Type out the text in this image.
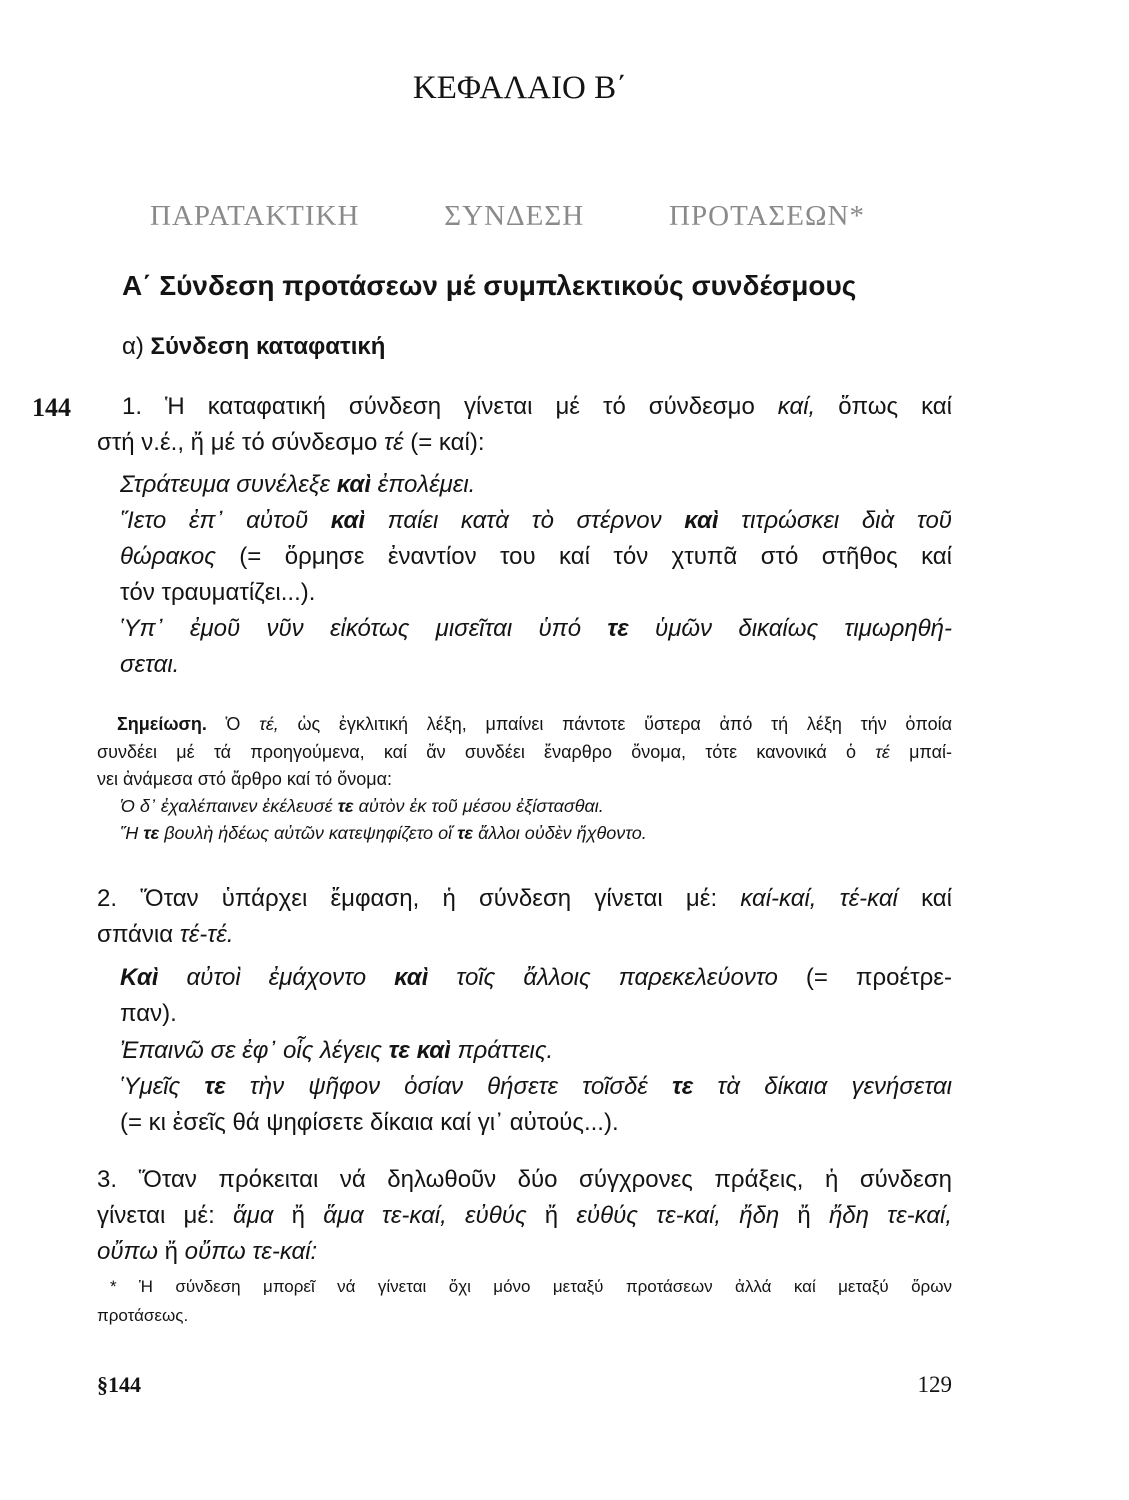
ΚΕΦΑΛΑΙΟ Β΄
ΠΑΡΑΤΑΚΤΙΚΗ ΣΥΝΔΕΣΗ ΠΡΟΤΑΣΕΩΝ*
Α΄ Σύνδεση προτάσεων μέ συμπλεκτικούς συνδέσμους
α) Σύνδεση καταφατική
144 1. Ἡ καταφατική σύνδεση γίνεται μέ τό σύνδεσμο καί, ὅπως καί
στή ν.έ., ἤ μέ τό σύνδεσμο τέ (= καί):
Στράτευμα συνέλεξε καὶ ἐπολέμει.
Ἵετο ἐπ᾽ αὐτοῦ καὶ παίει κατὰ τὸ στέρνον καὶ τιτρώσκει διὰ τοῦ
θώρακος (= ὅρμησε ἐναντίον του καί τόν χτυπᾶ στό στῆθος καί
τόν τραυματίζει...).
Ὑπ᾽ ἐμοῦ νῦν εἰκότως μισεῖται ὑπό τε ὑμῶν δικαίως τιμωρηθή-
σεται.
Σημείωση. Ὁ τέ, ὡς ἐγκλιτική λέξη, μπαίνει πάντοτε ὕστερα ἀπό τή λέξη τήν ὁποία
συνδέει μέ τά προηγούμενα, καί ἄν συνδέει ἔναρθρο ὄνομα, τότε κανονικά ὁ τέ μπαί-
νει ἀνάμεσα στό ἄρθρο καί τό ὄνομα:
Ὁ δ᾽ ἐχαλέπαινεν ἐκέλευσέ τε αὐτὸν ἐκ τοῦ μέσου ἐξίστασθαι.
Ἥ τε βουλὴ ἡδέως αὐτῶν κατεψηφίζετο οἵ τε ἄλλοι οὐδὲν ἤχθοντο.
2. Ὅταν ὑπάρχει ἔμφαση, ἡ σύνδεση γίνεται μέ: καί-καί, τέ-καί καί
σπάνια τέ-τέ.
Καὶ αὐτοὶ ἐμάχοντο καὶ τοῖς ἄλλοις παρεκελεύοντο (= προέτρε-
παν).
Ἐπαινῶ σε ἐφ᾽ οἷς λέγεις τε καὶ πράττεις.
Ὑμεῖς τε τὴν ψῆφον ὁσίαν θήσετε τοῖσδέ τε τὰ δίκαια γενήσεται
(= κι ἐσεῖς θά ψηφίσετε δίκαια καί γι᾽ αὐτούς...).
3. Ὅταν πρόκειται νά δηλωθοῦν δύο σύγχρονες πράξεις, ἡ σύνδεση
γίνεται μέ: ἅμα ἤ ἅμα τε-καί, εὐθύς ἤ εὐθύς τε-καί, ἤδη ἤ ἤδη τε-καί,
οὔπω ἤ οὔπω τε-καί:
* Ἡ σύνδεση μπορεῖ νά γίνεται ὄχι μόνο μεταξύ προτάσεων ἀλλά καί μεταξύ ὅρων
προτάσεως.
§144	129
